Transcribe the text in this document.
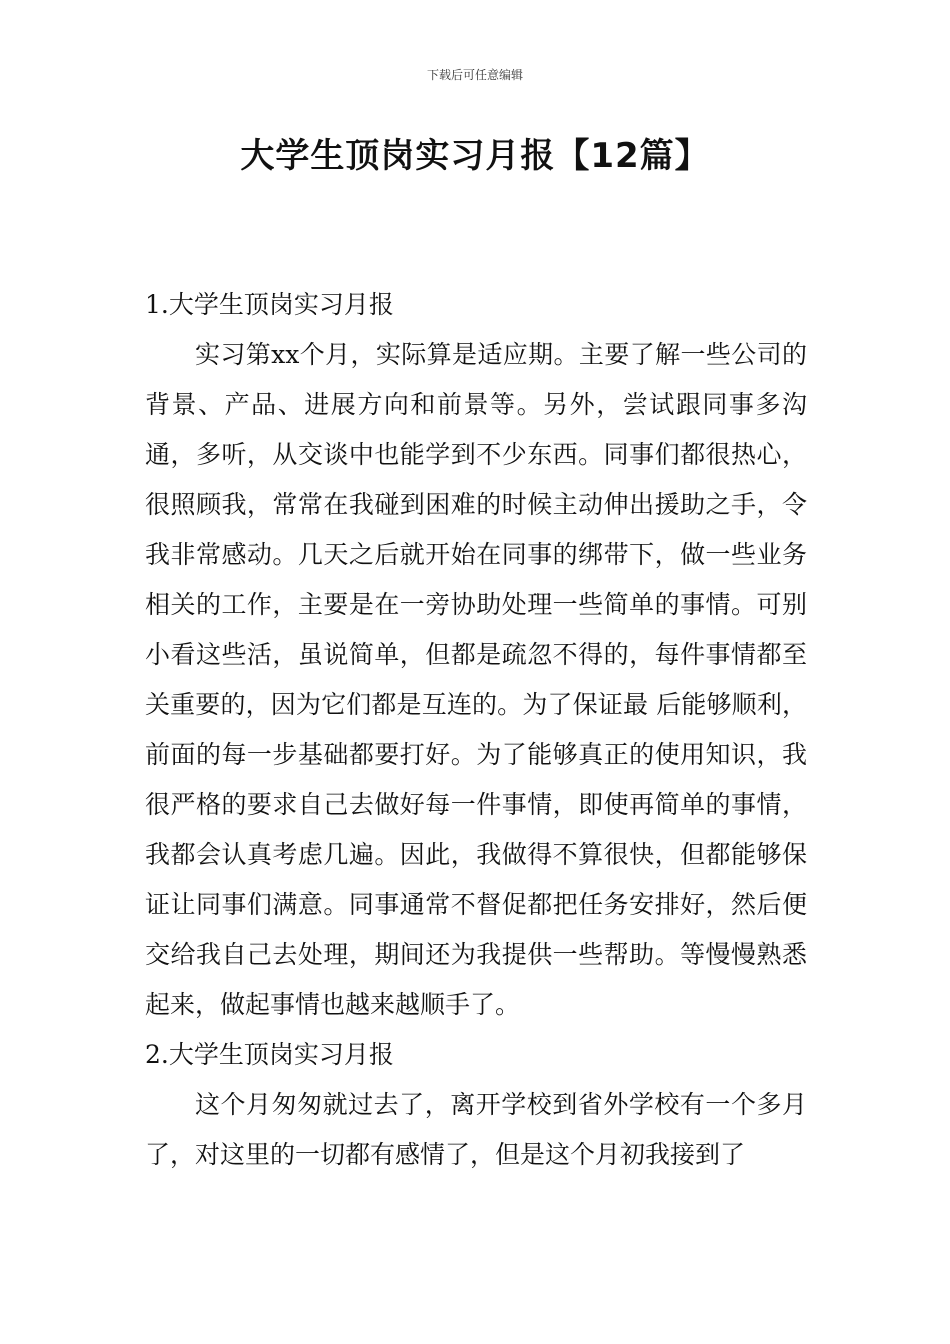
下载后可任意编辑
大学生顶岗实习月报【12篇】
1.大学生顶岗实习月报

实习第xx个月，实际算是适应期。主要了解一些公司的背景、产品、进展方向和前景等。另外，尝试跟同事多沟通，多听，从交谈中也能学到不少东西。同事们都很热心，很照顾我，常常在我碰到困难的时候主动伸出援助之手，令我非常感动。几天之后就开始在同事的绑带下，做一些业务相关的工作，主要是在一旁协助处理一些简单的事情。可别小看这些活，虽说简单，但都是疏忽不得的，每件事情都至关重要的，因为它们都是互连的。为了保证最 后能够顺利，前面的每一步基础都要打好。为了能够真正的使用知识，我很严格的要求自己去做好每一件事情，即使再简单的事情，我都会认真考虑几遍。因此，我做得不算很快，但都能够保证让同事们满意。同事通常不督促都把任务安排好，然后便交给我自己去处理，期间还为我提供一些帮助。等慢慢熟悉起来，做起事情也越来越顺手了。

2.大学生顶岗实习月报

这个月匆匆就过去了，离开学校到省外学校有一个多月了，对这里的一切都有感情了，但是这个月初我接到了
